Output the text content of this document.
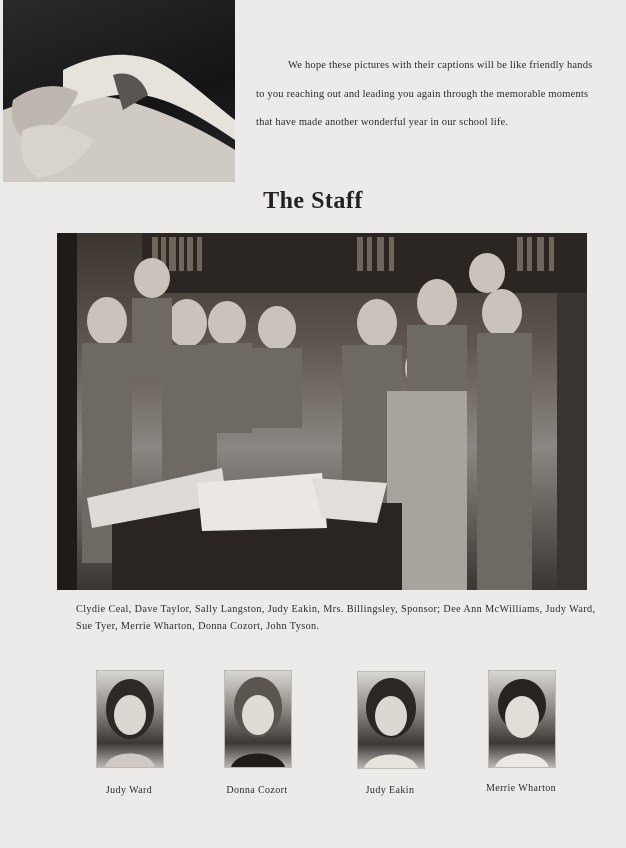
We hope these pictures with their captions will be like friendly hands to you reaching out and leading you again through the memorable moments that have made another wonderful year in our school life.

The Staff
Clydie Ceal, Dave Taylor, Sally Langston, Judy Eakin, Mrs. Billingsley, Sponsor; Dee Ann McWilliams, Judy Ward, Sue Tyer, Merrie Wharton, Donna Cozort, John Tyson.
Judy Ward	Donna Cozort	Judy Eakin	Merrie Wharton
